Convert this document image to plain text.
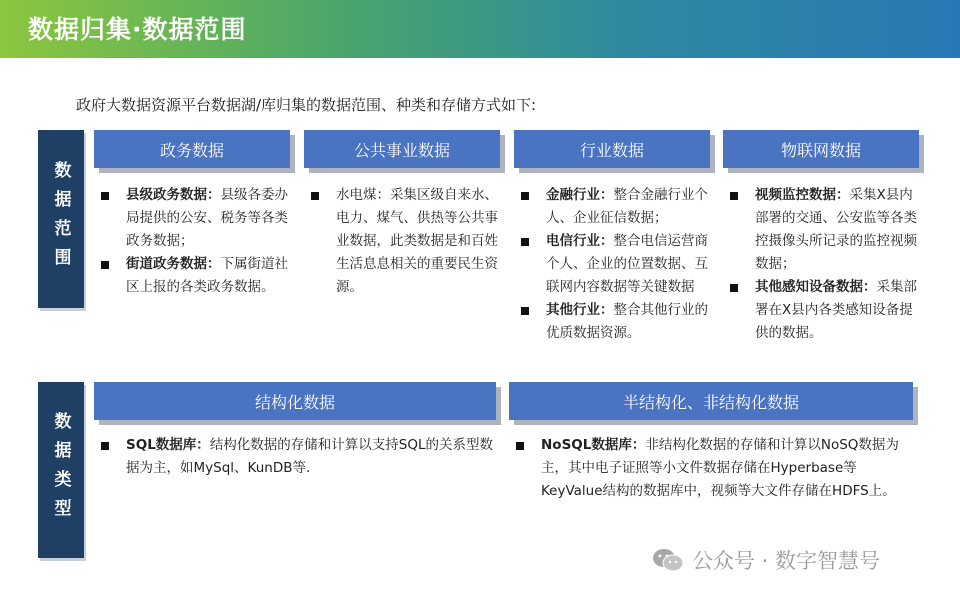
数据归集·数据范围
政府大数据资源平台数据湖/库归集的数据范围、种类和存储方式如下:
数据范围
政务数据	公共事业数据	行业数据	物联网数据
县级政务数据：县级各委办局提供的公安、税务等各类政务数据；
街道政务数据：下属街道社区上报的各类政务数据。
水电煤：采集区级自来水、电力、煤气、供热等公共事业数据，此类数据是和百姓生活息息相关的重要民生资源。
金融行业：整合金融行业个人、企业征信数据；
电信行业：整合电信运营商个人、企业的位置数据、互联网内容数据等关键数据
其他行业：整合其他行业的优质数据资源。
视频监控数据：采集X县内部署的交通、公安监等各类控摄像头所记录的监控视频数据；
其他感知设备数据：采集部署在X县内各类感知设备提供的数据。
数据类型
结构化数据	半结构化、非结构化数据
SQL数据库：结构化数据的存储和计算以支持SQL的关系型数据为主，如MySql、KunDB等.
NoSQL数据库：非结构化数据的存储和计算以NoSQ数据为主，其中电子证照等小文件数据存储在Hyperbase等KeyValue结构的数据库中，视频等大文件存储在HDFS上。
公众号 · 数字智慧号
